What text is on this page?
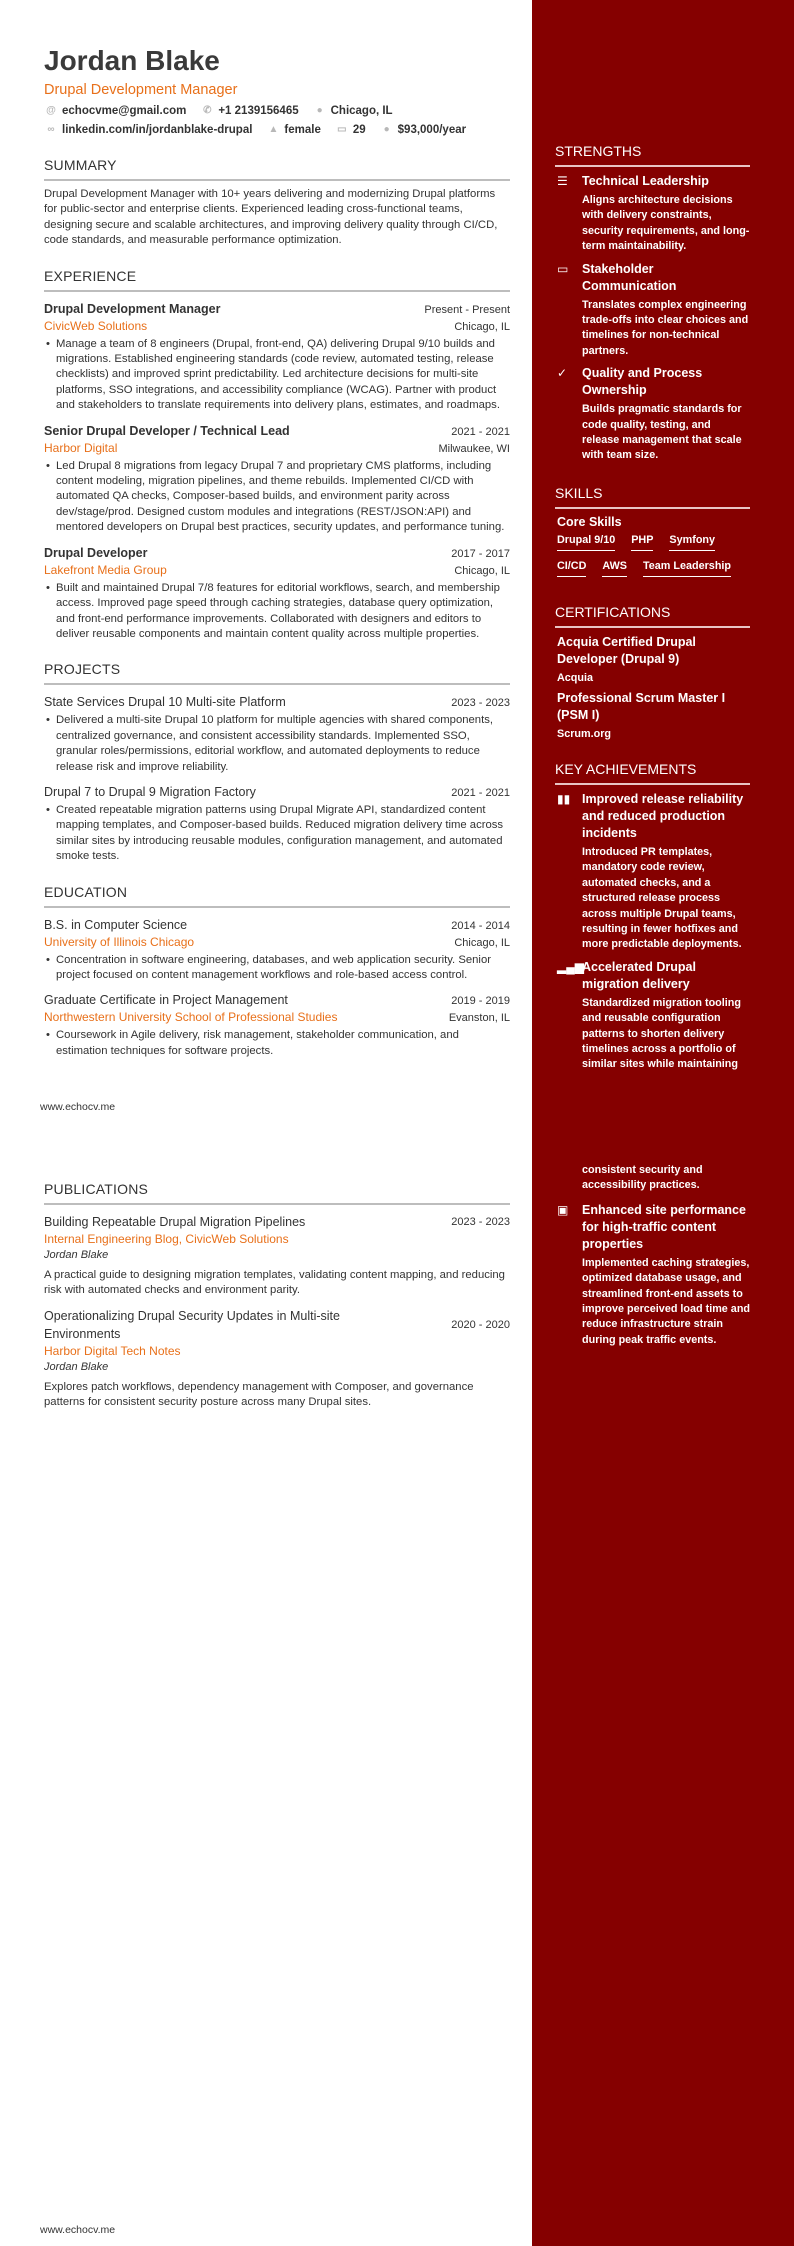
Jordan Blake
Drupal Development Manager
@ echocvme@gmail.com ✆ +1 2139156465 ● Chicago, IL
∞ linkedin.com/in/jordanblake-drupal ▲ female ▭ 29 ● $93,000/year
SUMMARY
Drupal Development Manager with 10+ years delivering and modernizing Drupal platforms for public-sector and enterprise clients. Experienced leading cross-functional teams, designing secure and scalable architectures, and improving delivery quality through CI/CD, code standards, and measurable performance optimization.
EXPERIENCE
Drupal Development Manager	Present - Present
CivicWeb Solutions	Chicago, IL
• Manage a team of 8 engineers (Drupal, front-end, QA) delivering Drupal 9/10 builds and migrations. Established engineering standards (code review, automated testing, release checklists) and improved sprint predictability. Led architecture decisions for multi-site platforms, SSO integrations, and accessibility compliance (WCAG). Partner with product and stakeholders to translate requirements into delivery plans, estimates, and roadmaps.
Senior Drupal Developer / Technical Lead	2021 - 2021
Harbor Digital	Milwaukee, WI
• Led Drupal 8 migrations from legacy Drupal 7 and proprietary CMS platforms, including content modeling, migration pipelines, and theme rebuilds. Implemented CI/CD with automated QA checks, Composer-based builds, and environment parity across dev/stage/prod. Designed custom modules and integrations (REST/JSON:API) and mentored developers on Drupal best practices, security updates, and performance tuning.
Drupal Developer	2017 - 2017
Lakefront Media Group	Chicago, IL
• Built and maintained Drupal 7/8 features for editorial workflows, search, and membership access. Improved page speed through caching strategies, database query optimization, and front-end performance improvements. Collaborated with designers and editors to deliver reusable components and maintain content quality across multiple properties.
PROJECTS
State Services Drupal 10 Multi-site Platform	2023 - 2023
• Delivered a multi-site Drupal 10 platform for multiple agencies with shared components, centralized governance, and consistent accessibility standards. Implemented SSO, granular roles/permissions, editorial workflow, and automated deployments to reduce release risk and improve reliability.
Drupal 7 to Drupal 9 Migration Factory	2021 - 2021
• Created repeatable migration patterns using Drupal Migrate API, standardized content mapping templates, and Composer-based builds. Reduced migration delivery time across similar sites by introducing reusable modules, configuration management, and automated smoke tests.
EDUCATION
B.S. in Computer Science	2014 - 2014
University of Illinois Chicago	Chicago, IL
• Concentration in software engineering, databases, and web application security. Senior project focused on content management workflows and role-based access control.
Graduate Certificate in Project Management	2019 - 2019
Northwestern University School of Professional Studies	Evanston, IL
• Coursework in Agile delivery, risk management, stakeholder communication, and estimation techniques for software projects.
www.echocv.me
STRENGTHS
☰	Technical Leadership
Aligns architecture decisions with delivery constraints, security requirements, and long-term maintainability.
▭	Stakeholder Communication
Translates complex engineering trade-offs into clear choices and timelines for non-technical partners.
✓	Quality and Process Ownership
Builds pragmatic standards for code quality, testing, and release management that scale with team size.
SKILLS
Core Skills
Drupal 9/10 PHP Symfony
CI/CD AWS Team Leadership
CERTIFICATIONS
Acquia Certified Drupal Developer (Drupal 9)
Acquia
Professional Scrum Master I (PSM I)
Scrum.org
KEY ACHIEVEMENTS
▮▮ Improved release reliability and reduced production incidents
Introduced PR templates, mandatory code review, automated checks, and a structured release process across multiple Drupal teams, resulting in fewer hotfixes and more predictable deployments.
▂▄▆
Accelerated Drupal migration delivery
Standardized migration tooling and reusable configuration patterns to shorten delivery timelines across a portfolio of similar sites while maintaining
PUBLICATIONS
Building Repeatable Drupal Migration Pipelines	2023 - 2023
Internal Engineering Blog, CivicWeb Solutions
Jordan Blake
A practical guide to designing migration templates, validating content mapping, and reducing risk with automated checks and environment parity.
Operationalizing Drupal Security Updates in Multi-site Environments
2020 - 2020
Harbor Digital Tech Notes
Jordan Blake
Explores patch workflows, dependency management with Composer, and governance patterns for consistent security posture across many Drupal sites.
www.echocv.me
consistent security and accessibility practices.
▣	Enhanced site performance for high-traffic content properties
Implemented caching strategies, optimized database usage, and streamlined front-end assets to improve perceived load time and reduce infrastructure strain during peak traffic events.
